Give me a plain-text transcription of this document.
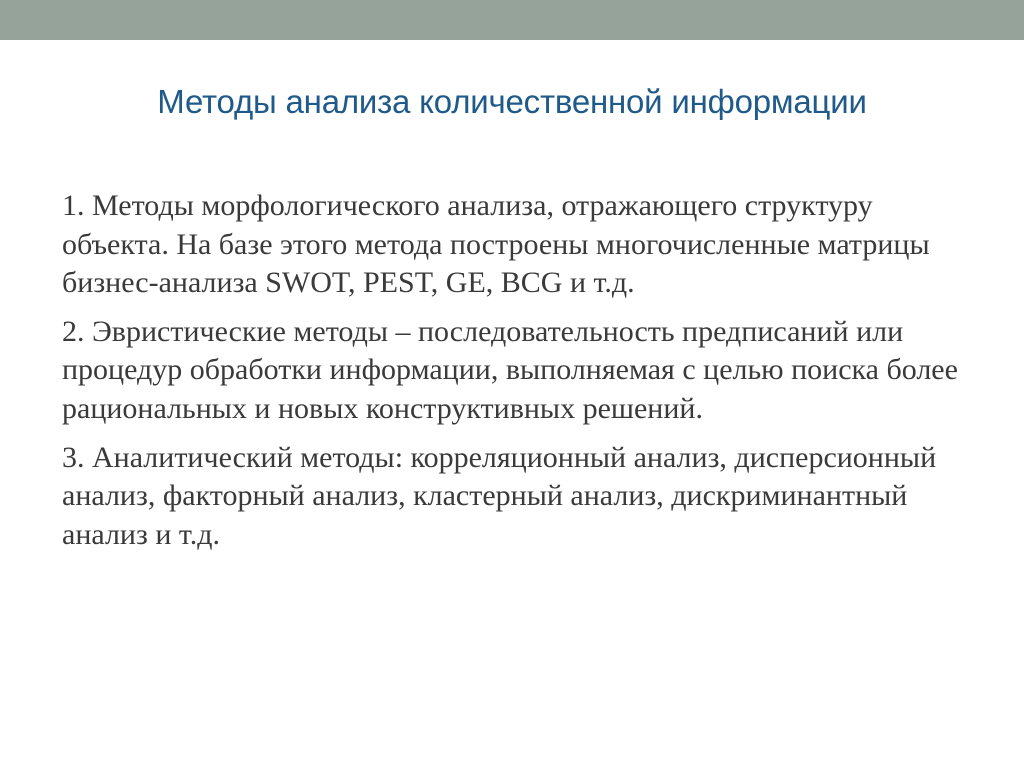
Методы анализа количественной информации

1. Методы морфологического анализа, отражающего структуру объекта. На базе этого метода построены многочисленные матрицы бизнес-анализа SWOT, PEST, GE, BCG и т.д.

2. Эвристические методы – последовательность предписаний или процедур обработки информации, выполняемая с целью поиска более рациональных и новых конструктивных решений.

3. Аналитический методы: корреляционный анализ, дисперсионный анализ, факторный анализ, кластерный анализ, дискриминантный анализ и т.д.
